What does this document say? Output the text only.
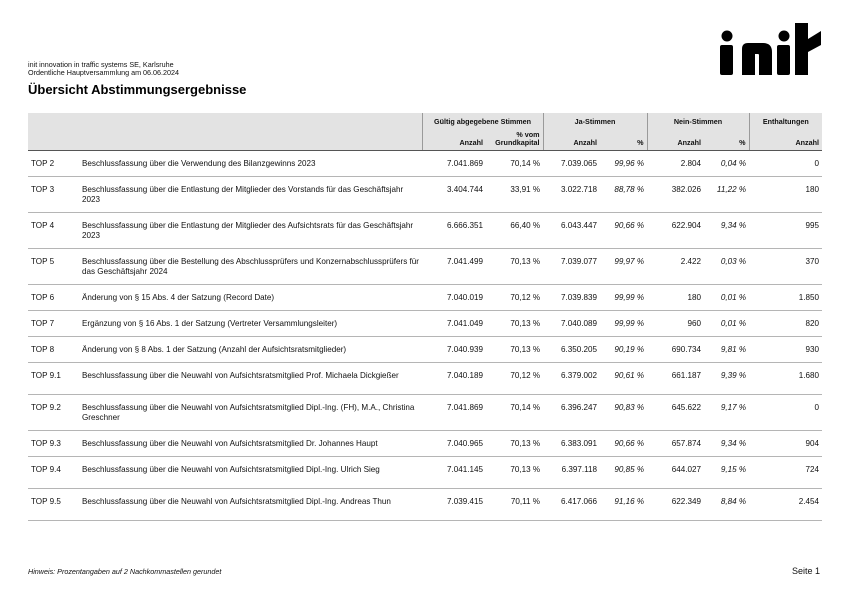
init innovation in traffic systems SE, Karlsruhe
Ordentliche Hauptversammlung am 06.06.2024
Übersicht Abstimmungsergebnisse
		Gültig abgegebene Stimmen		Ja-Stimmen		Nein-Stimmen		Enthaltungen
		Anzahl	% vom Grundkapital	Anzahl	%	Anzahl	%	Anzahl
TOP 2	Beschlussfassung über die Verwendung des Bilanzgewinns 2023	7.041.869	70,14 %	7.039.065	99,96 %	2.804	0,04 %	0
TOP 3	Beschlussfassung über die Entlastung der Mitglieder des Vorstands für das Geschäftsjahr 2023	3.404.744	33,91 %	3.022.718	88,78 %	382.026	11,22 %	180
TOP 4	Beschlussfassung über die Entlastung der Mitglieder des Aufsichtsrats für das Geschäftsjahr 2023	6.666.351	66,40 %	6.043.447	90,66 %	622.904	9,34 %	995
TOP 5	Beschlussfassung über die Bestellung des Abschlussprüfers und Konzernabschlussprüfers für das Geschäftsjahr 2024	7.041.499	70,13 %	7.039.077	99,97 %	2.422	0,03 %	370
TOP 6	Änderung von § 15 Abs. 4 der Satzung (Record Date)	7.040.019	70,12 %	7.039.839	99,99 %	180	0,01 %	1.850
TOP 7	Ergänzung von § 16 Abs. 1 der Satzung (Vertreter Versammlungsleiter)	7.041.049	70,13 %	7.040.089	99,99 %	960	0,01 %	820
TOP 8	Änderung von § 8 Abs. 1 der Satzung (Anzahl der Aufsichtsratsmitglieder)	7.040.939	70,13 %	6.350.205	90,19 %	690.734	9,81 %	930
TOP 9.1	Beschlussfassung über die Neuwahl von Aufsichtsratsmitglied Prof. Michaela Dickgießer	7.040.189	70,12 %	6.379.002	90,61 %	661.187	9,39 %	1.680
TOP 9.2	Beschlussfassung über die Neuwahl von Aufsichtsratsmitglied Dipl.-Ing. (FH), M.A., Christina Greschner	7.041.869	70,14 %	6.396.247	90,83 %	645.622	9,17 %	0
TOP 9.3	Beschlussfassung über die Neuwahl von Aufsichtsratsmitglied Dr. Johannes Haupt	7.040.965	70,13 %	6.383.091	90,66 %	657.874	9,34 %	904
TOP 9.4	Beschlussfassung über die Neuwahl von Aufsichtsratsmitglied Dipl.-Ing. Ulrich Sieg	7.041.145	70,13 %	6.397.118	90,85 %	644.027	9,15 %	724
TOP 9.5	Beschlussfassung über die Neuwahl von Aufsichtsratsmitglied Dipl.-Ing. Andreas Thun	7.039.415	70,11 %	6.417.066	91,16 %	622.349	8,84 %	2.454
Hinweis: Prozentangaben auf 2 Nachkommastellen gerundet	Seite 1
